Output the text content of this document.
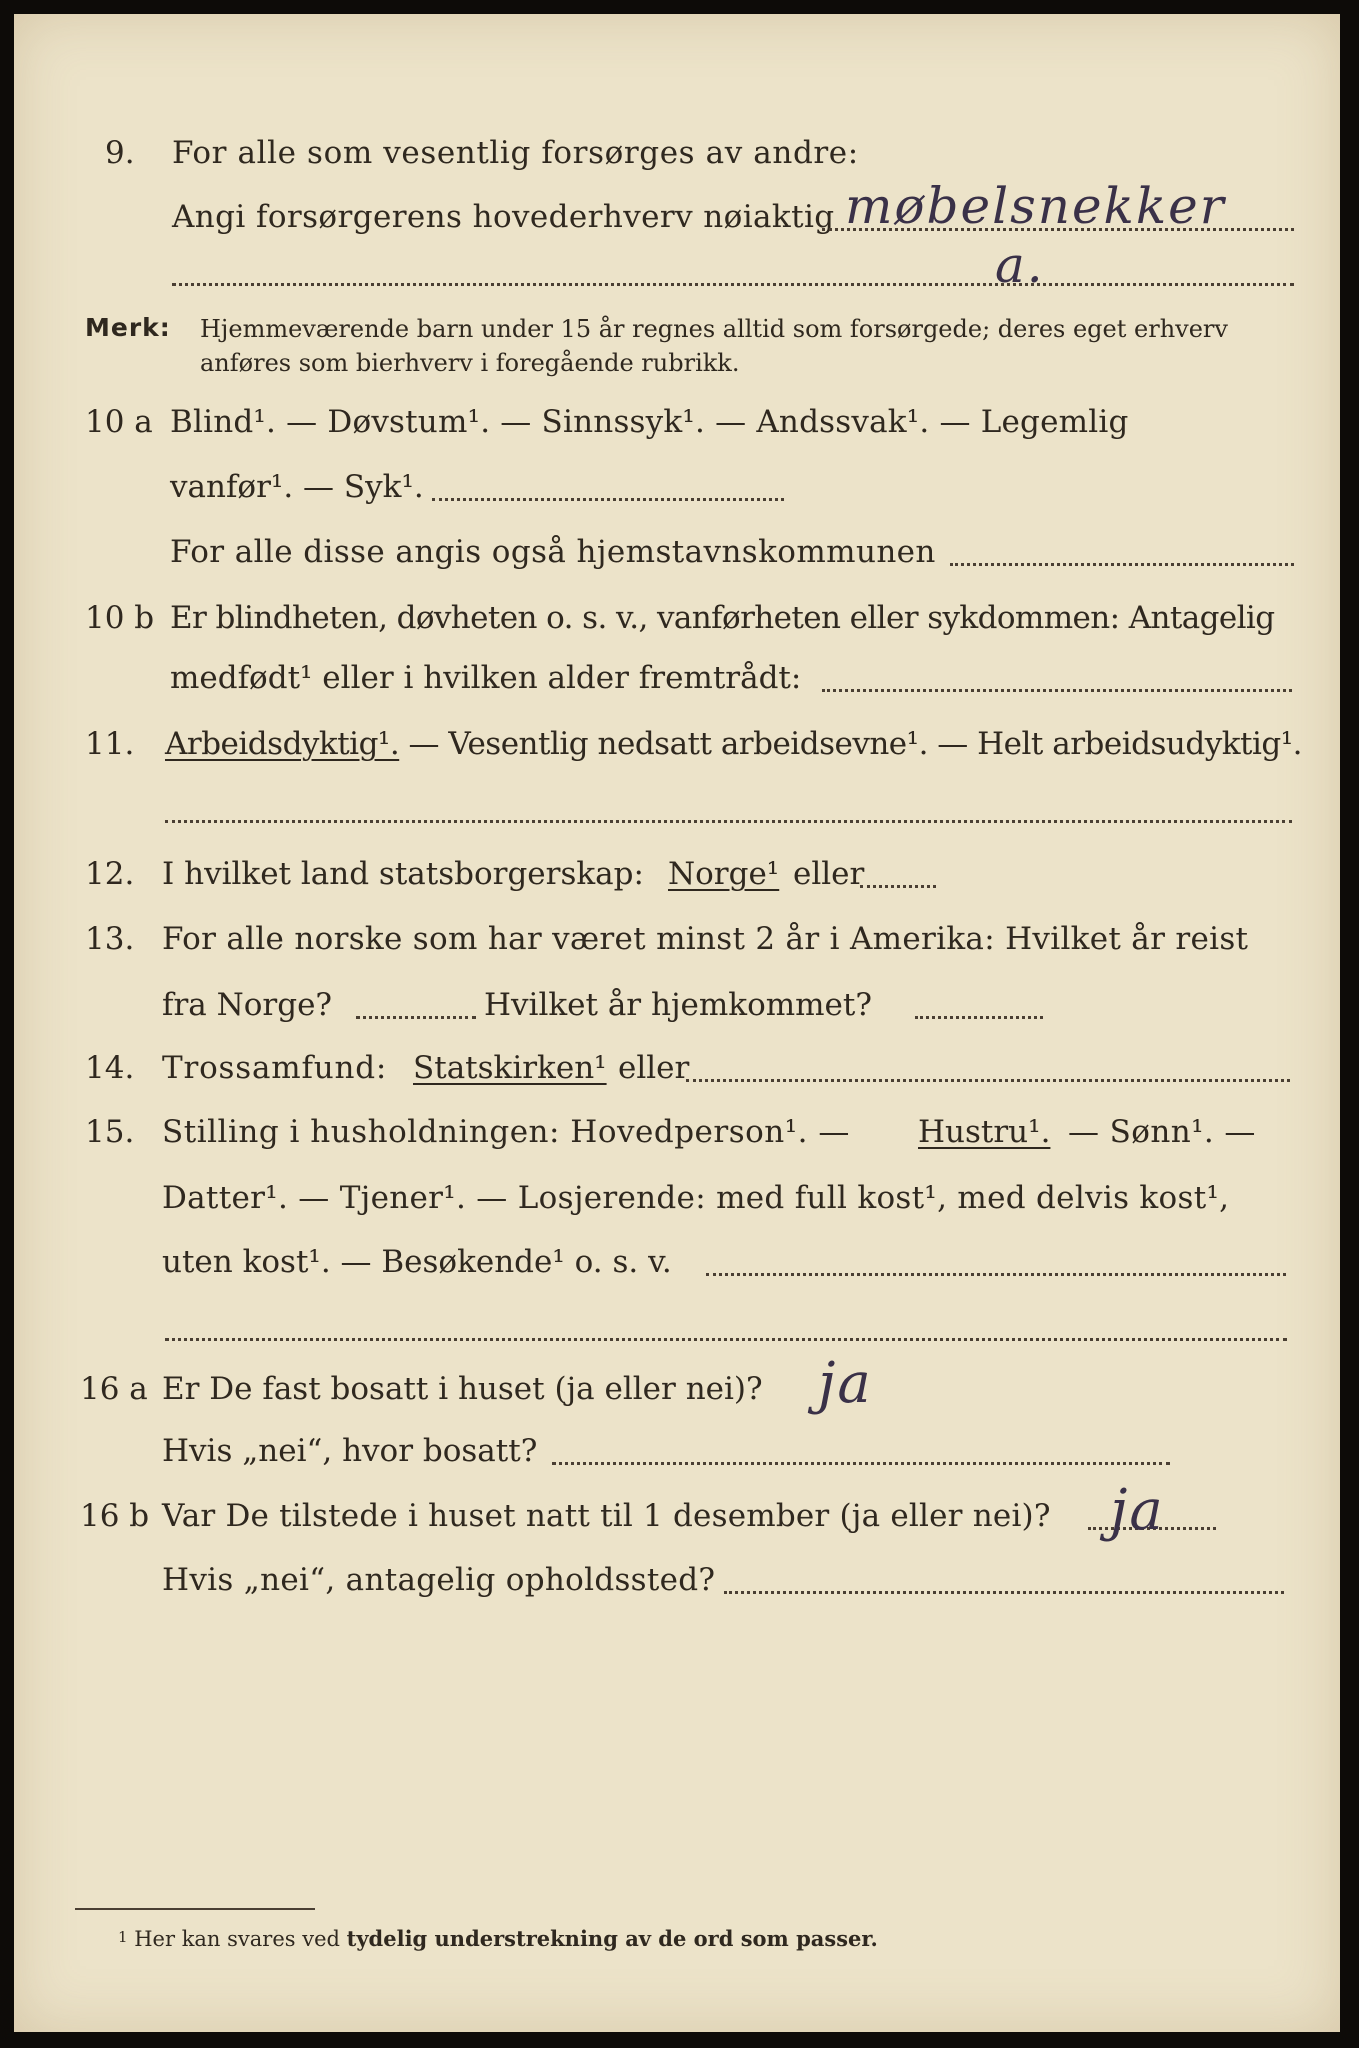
9. For alle som vesentlig forsørges av andre:
Angi forsørgerens hovederhverv nøiaktig møbelsnekker
a.
Merk: Hjemmeværende barn under 15 år regnes alltid som forsørgede; deres eget erhverv
anføres som bierhverv i foregående rubrikk.
10 a Blind¹. — Døvstum¹. — Sinnssyk¹. — Andssvak¹. — Legemlig
vanfør¹. — Syk¹.
For alle disse angis også hjemstavnskommunen
10 b Er blindheten, døvheten o. s. v., vanførheten eller sykdommen: Antagelig
medfødt¹ eller i hvilken alder fremtrådt:
11. Arbeidsdyktig¹. — Vesentlig nedsatt arbeidsevne¹. — Helt arbeidsudyktig¹.
12. I hvilket land statsborgerskap: Norge¹ eller
13. For alle norske som har været minst 2 år i Amerika: Hvilket år reist
fra Norge?	Hvilket år hjemkommet?
14. Trossamfund: Statskirken¹ eller
15. Stilling i husholdningen: Hovedperson¹. — Hustru¹. — Sønn¹. —
Datter¹. — Tjener¹. — Losjerende: med full kost¹, med delvis kost¹,
uten kost¹. — Besøkende¹ o. s. v.
16 a Er De fast bosatt i huset (ja eller nei)? ja
Hvis „nei“, hvor bosatt?
16 b Var De tilstede i huset natt til 1 desember (ja eller nei)? ja
Hvis „nei“, antagelig opholdssted?
1 Her kan svares ved tydelig understrekning av de ord som passer.
